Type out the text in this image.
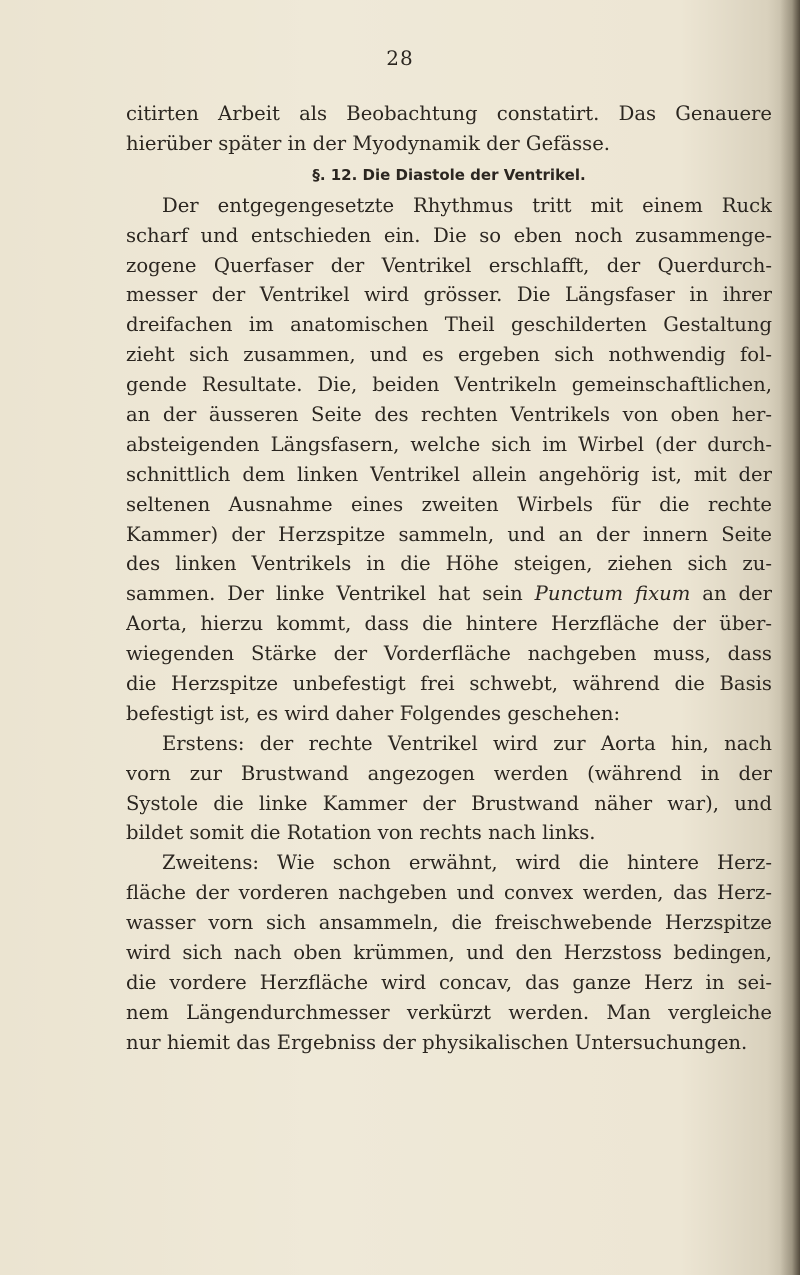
28
citirten Arbeit als Beobachtung constatirt. Das Genauere
hierüber später in der Myodynamik der Gefässe.
§. 12. Die Diastole der Ventrikel.
Der entgegengesetzte Rhythmus tritt mit einem Ruck
scharf und entschieden ein. Die so eben noch zusammenge-
zogene Querfaser der Ventrikel erschlafft, der Querdurch-
messer der Ventrikel wird grösser. Die Längsfaser in ihrer
dreifachen im anatomischen Theil geschilderten Gestaltung
zieht sich zusammen, und es ergeben sich nothwendig fol-
gende Resultate. Die, beiden Ventrikeln gemeinschaftlichen,
an der äusseren Seite des rechten Ventrikels von oben her-
absteigenden Längsfasern, welche sich im Wirbel (der durch-
schnittlich dem linken Ventrikel allein angehörig ist, mit der
seltenen Ausnahme eines zweiten Wirbels für die rechte
Kammer) der Herzspitze sammeln, und an der innern Seite
des linken Ventrikels in die Höhe steigen, ziehen sich zu-
sammen. Der linke Ventrikel hat sein Punctum fixum an der
Aorta, hierzu kommt, dass die hintere Herzfläche der über-
wiegenden Stärke der Vorderfläche nachgeben muss, dass
die Herzspitze unbefestigt frei schwebt, während die Basis
befestigt ist, es wird daher Folgendes geschehen:
Erstens: der rechte Ventrikel wird zur Aorta hin, nach
vorn zur Brustwand angezogen werden (während in der
Systole die linke Kammer der Brustwand näher war), und
bildet somit die Rotation von rechts nach links.
Zweitens: Wie schon erwähnt, wird die hintere Herz-
fläche der vorderen nachgeben und convex werden, das Herz-
wasser vorn sich ansammeln, die freischwebende Herzspitze
wird sich nach oben krümmen, und den Herzstoss bedingen,
die vordere Herzfläche wird concav, das ganze Herz in sei-
nem Längendurchmesser verkürzt werden. Man vergleiche
nur hiemit das Ergebniss der physikalischen Untersuchungen.
